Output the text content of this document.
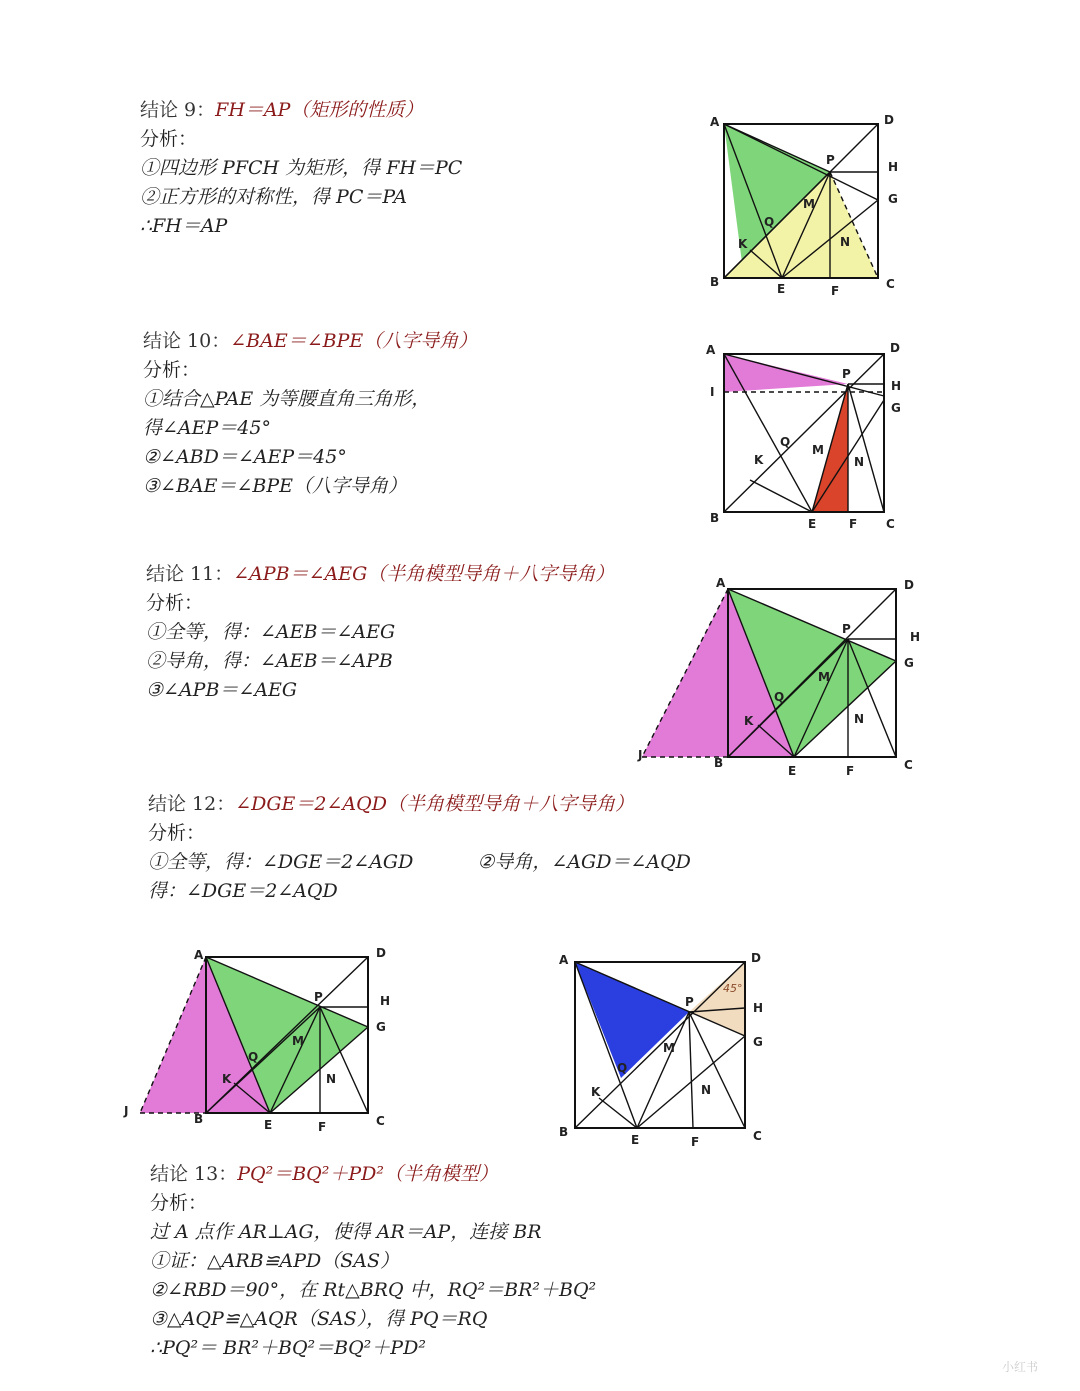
结论 9：FH＝AP（矩形的性质）
分析：
①四边形 PFCH 为矩形，得 FH＝PC
②正方形的对称性，得 PC＝PA
∴FH＝AP
A	D
B	C
E	F
H
G
P
Q
M
N
K
结论 10：∠BAE＝∠BPE（八字导角）
分析：
①结合△PAE 为等腰直角三角形，
得∠AEP＝45°
②∠ABD＝∠AEP＝45°
③∠BAE＝∠BPE（八字导角）
A	D
I
B	C
E	F
H
G
P
Q
M
N
K
结论 11：∠APB＝∠AEG（半角模型导角＋八字导角）
分析：
①全等，得：∠AEB＝∠AEG
②导角，得：∠AEB＝∠APB
③∠APB＝∠AEG
A	D
J
B	C
E	F
H
G
P
Q
M
N
K
结论 12：∠DGE＝2∠AQD（半角模型导角＋八字导角）
分析：
①全等，得：∠DGE＝2∠AGD	②导角，∠AGD＝∠AQD
得：∠DGE＝2∠AQD
A	D
J
B	C
E	F
H
G
P
Q
M
N
K
A	D
B	C
E	F
H
G
P
Q
M
N
K
45°
结论 13：PQ²＝BQ²＋PD²（半角模型）
分析：
过 A 点作 AR⊥AG，使得 AR＝AP，连接 BR
①证：△ARB≌APD（SAS）
②∠RBD＝90°，在 Rt△BRQ 中，RQ²＝BR²＋BQ²
③△AQP≌△AQR（SAS），得 PQ＝RQ
∴PQ²＝ BR²＋BQ²＝BQ²＋PD²
小红书
